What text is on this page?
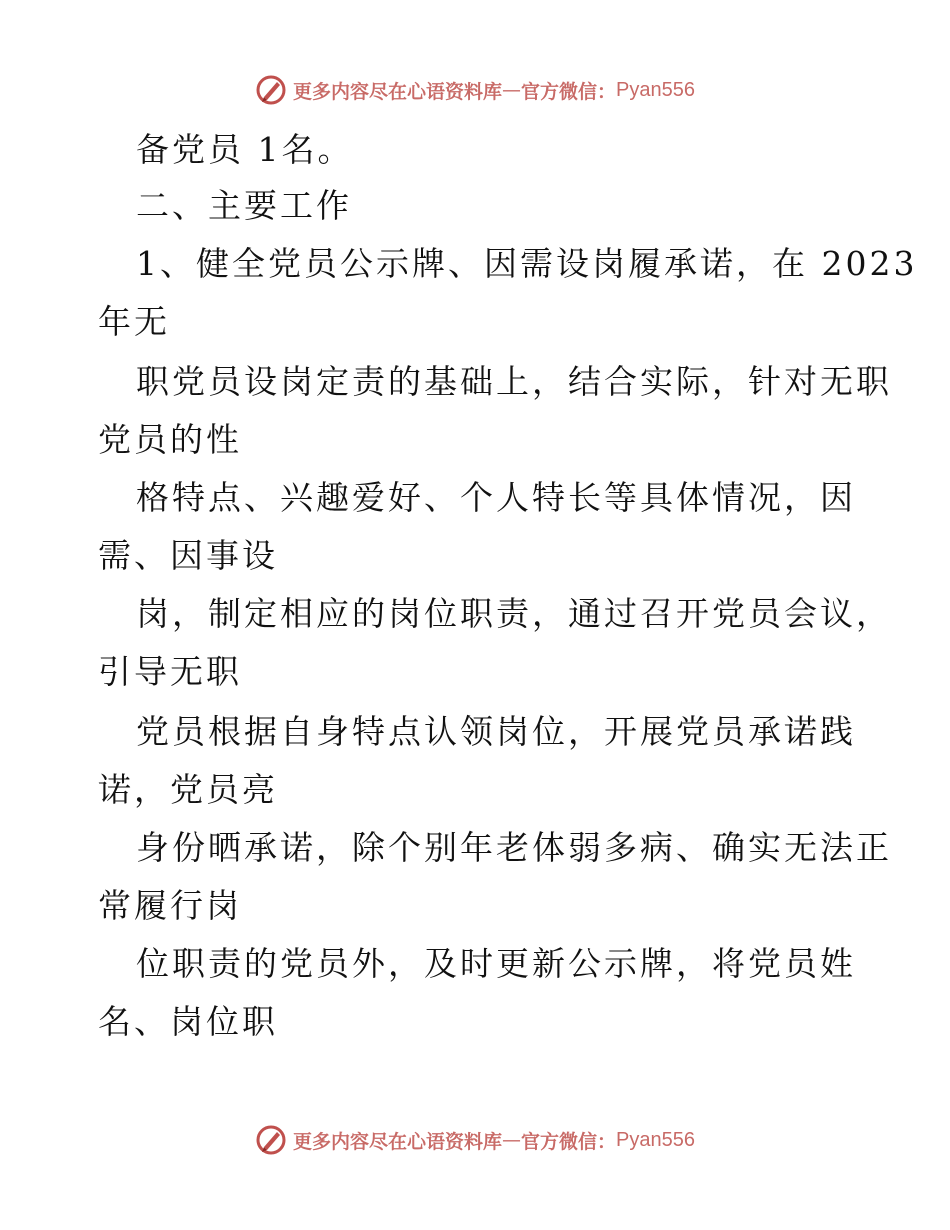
更多内容尽在心语资料库 — 官方微信： Pyan556
备党员 1名。
二、主要工作
1、健全党员公示牌、因需设岗履承诺，在 2023
年无
职党员设岗定责的基础上，结合实际，针对无职
党员的性
格特点、兴趣爱好、个人特长等具体情况，因
需、因事设
岗，制定相应的岗位职责，通过召开党员会议，
引导无职
党员根据自身特点认领岗位，开展党员承诺践
诺，党员亮
身份晒承诺，除个别年老体弱多病、确实无法正
常履行岗
位职责的党员外，及时更新公示牌，将党员姓
名、岗位职
更多内容尽在心语资料库 — 官方微信： Pyan556
